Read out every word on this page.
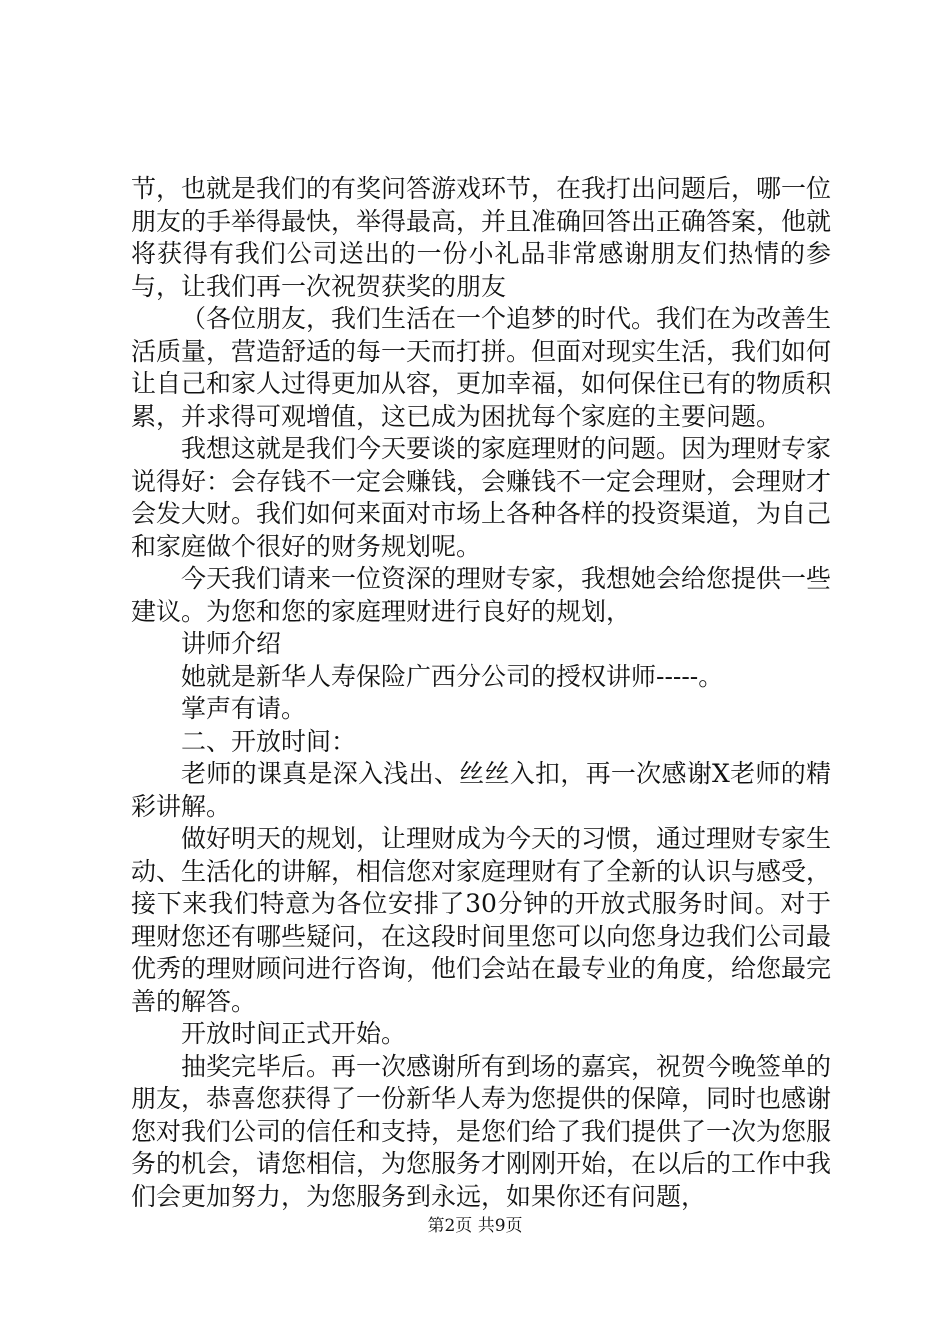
节，也就是我们的有奖问答游戏环节，在我打出问题后，哪一位朋友的手举得最快，举得最高，并且准确回答出正确答案，他就将获得有我们公司送出的一份小礼品非常感谢朋友们热情的参与，让我们再一次祝贺获奖的朋友

（各位朋友，我们生活在一个追梦的时代。我们在为改善生活质量，营造舒适的每一天而打拼。但面对现实生活，我们如何让自己和家人过得更加从容，更加幸福，如何保住已有的物质积累，并求得可观增值，这已成为困扰每个家庭的主要问题。

我想这就是我们今天要谈的家庭理财的问题。因为理财专家说得好：会存钱不一定会赚钱，会赚钱不一定会理财，会理财才会发大财。我们如何来面对市场上各种各样的投资渠道，为自己和家庭做个很好的财务规划呢。

今天我们请来一位资深的理财专家，我想她会给您提供一些建议。为您和您的家庭理财进行良好的规划，

讲师介绍

她就是新华人寿保险广西分公司的授权讲师-----。

掌声有请。

二、开放时间：

老师的课真是深入浅出、丝丝入扣，再一次感谢X老师的精彩讲解。

做好明天的规划，让理财成为今天的习惯，通过理财专家生动、生活化的讲解，相信您对家庭理财有了全新的认识与感受，接下来我们特意为各位安排了30分钟的开放式服务时间。对于理财您还有哪些疑问，在这段时间里您可以向您身边我们公司最优秀的理财顾问进行咨询，他们会站在最专业的角度，给您最完善的解答。

开放时间正式开始。

抽奖完毕后。再一次感谢所有到场的嘉宾，祝贺今晚签单的朋友，恭喜您获得了一份新华人寿为您提供的保障，同时也感谢您对我们公司的信任和支持，是您们给了我们提供了一次为您服务的机会，请您相信，为您服务才刚刚开始，在以后的工作中我们会更加努力，为您服务到永远，如果你还有问题，

第2页 共9页
